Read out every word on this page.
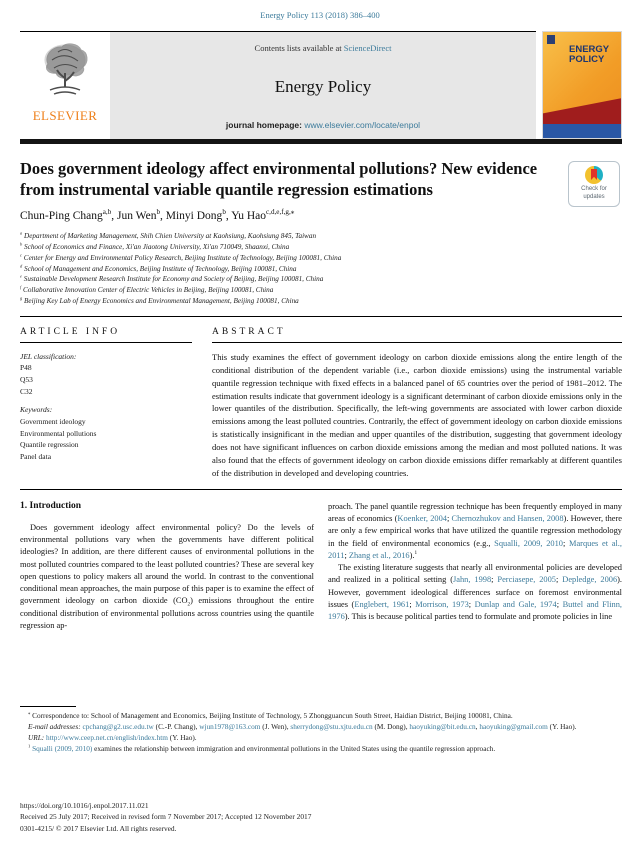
Energy Policy 113 (2018) 386–400
ELSEVIER
Contents lists available at ScienceDirect
Energy Policy
journal homepage: www.elsevier.com/locate/enpol
ENERGY
POLICY
Does government ideology affect environmental pollutions? New evidence from instrumental variable quantile regression estimations	Check for
updates
Chun-Ping Chang$^{a,b}$, Jun Wen$^b$, Minyi Dong$^b$, Yu Hao$^{c,d,e,f,g,⁎}$

$^a$ Department of Marketing Management, Shih Chien University at Kaohsiung, Kaohsiung 845, Taiwan

$^b$ School of Economics and Finance, Xi'an Jiaotong University, Xi'an 710049, Shaanxi, China

$^c$ Center for Energy and Environmental Policy Research, Beijing Institute of Technology, Beijing 100081, China

$^d$ School of Management and Economics, Beijing Institute of Technology, Beijing 100081, China

$^e$ Sustainable Development Research Institute for Economy and Society of Beijing, Beijing 100081, China

$^f$ Collaborative Innovation Center of Electric Vehicles in Beijing, Beijing 100081, China

$^g$ Beijing Key Lab of Energy Economics and Environmental Management, Beijing 100081, China

ARTICLE INFO

JEL classification:

P48

Q53

C32

Keywords:

Government ideology

Environmental pollutions

Quantile regression

Panel data

ABSTRACT

This study examines the effect of government ideology on carbon dioxide emissions along the entire length of the conditional distribution of the dependent variable (i.e., carbon dioxide emissions) using the instrumental variable quantile regression technique with fixed effects in a balanced panel of 65 countries over the period of 1981–2012. The estimation results indicate that government ideology is a significant determinant of carbon dioxide emissions only in the lower quantiles of the distribution. Specifically, the left-wing governments are associated with lower carbon dioxide emissions among the least polluted countries. Contrarily, the effect of government ideology on carbon dioxide emissions is statistically insignificant in the median and upper quantiles of the distribution, suggesting that government ideology does not have significant influences on carbon dioxide emissions among the median and most polluted nations. It was also found that the effects of government ideology on carbon dioxide emissions differ remarkably at different quantiles of the distribution in developed and developing countries.

1. Introduction

Does government ideology affect environmental policy? Do the levels of environmental pollutions vary when the governments have different political ideologies? In addition, are there different causes of environmental pollutions in the most polluted countries compared to the least polluted countries? These are several key open questions to policy makers all around the world. In contrast to the conventional conditional mean approaches, the main purpose of this paper is to examine the effect of government ideology on carbon dioxide $(CO_2)$ emissions throughout the entire conditional distribution of environmental pollutions across countries using the quantile regression ap-

proach. The panel quantile regression technique has been frequently employed in many areas of economics (Koenker, 2004; Chernozhukov and Hansen, 2008). However, there are only a few empirical works that have utilized the quantile regression methodology in the field of environmental economics (e.g., Squalli, 2009, 2010; Marques et al., 2011; Zhang et al., 2016).$^1$

The existing literature suggests that nearly all environmental policies are developed and realized in a political setting (Jahn, 1998; Perciasepe, 2005; Depledge, 2006). However, government ideological differences surface on foremost environmental issues (Englebert, 1961; Morrison, 1973; Dunlap and Gale, 1974; Buttel and Flinn, 1976). This is because political parties tend to formulate and promote policies in line

⁎ Correspondence to: School of Management and Economics, Beijing Institute of Technology, 5 Zhongguancun South Street, Haidian District, Beijing 100081, China.

E-mail addresses: cpchang@g2.usc.edu.tw (C.-P. Chang), wjun1978@163.com (J. Wen), sherrydong@stu.xjtu.edu.cn (M. Dong), haoyuking@bit.edu.cn, haoyuking@gmail.com (Y. Hao).

URL: http://www.ceep.net.cn/english/index.htm (Y. Hao).

$^1$ Squalli (2009, 2010) examines the relationship between immigration and environmental pollutions in the United States using the quantile regression approach.

https://doi.org/10.1016/j.enpol.2017.11.021

Received 25 July 2017; Received in revised form 7 November 2017; Accepted 12 November 2017

0301-4215/ © 2017 Elsevier Ltd. All rights reserved.
